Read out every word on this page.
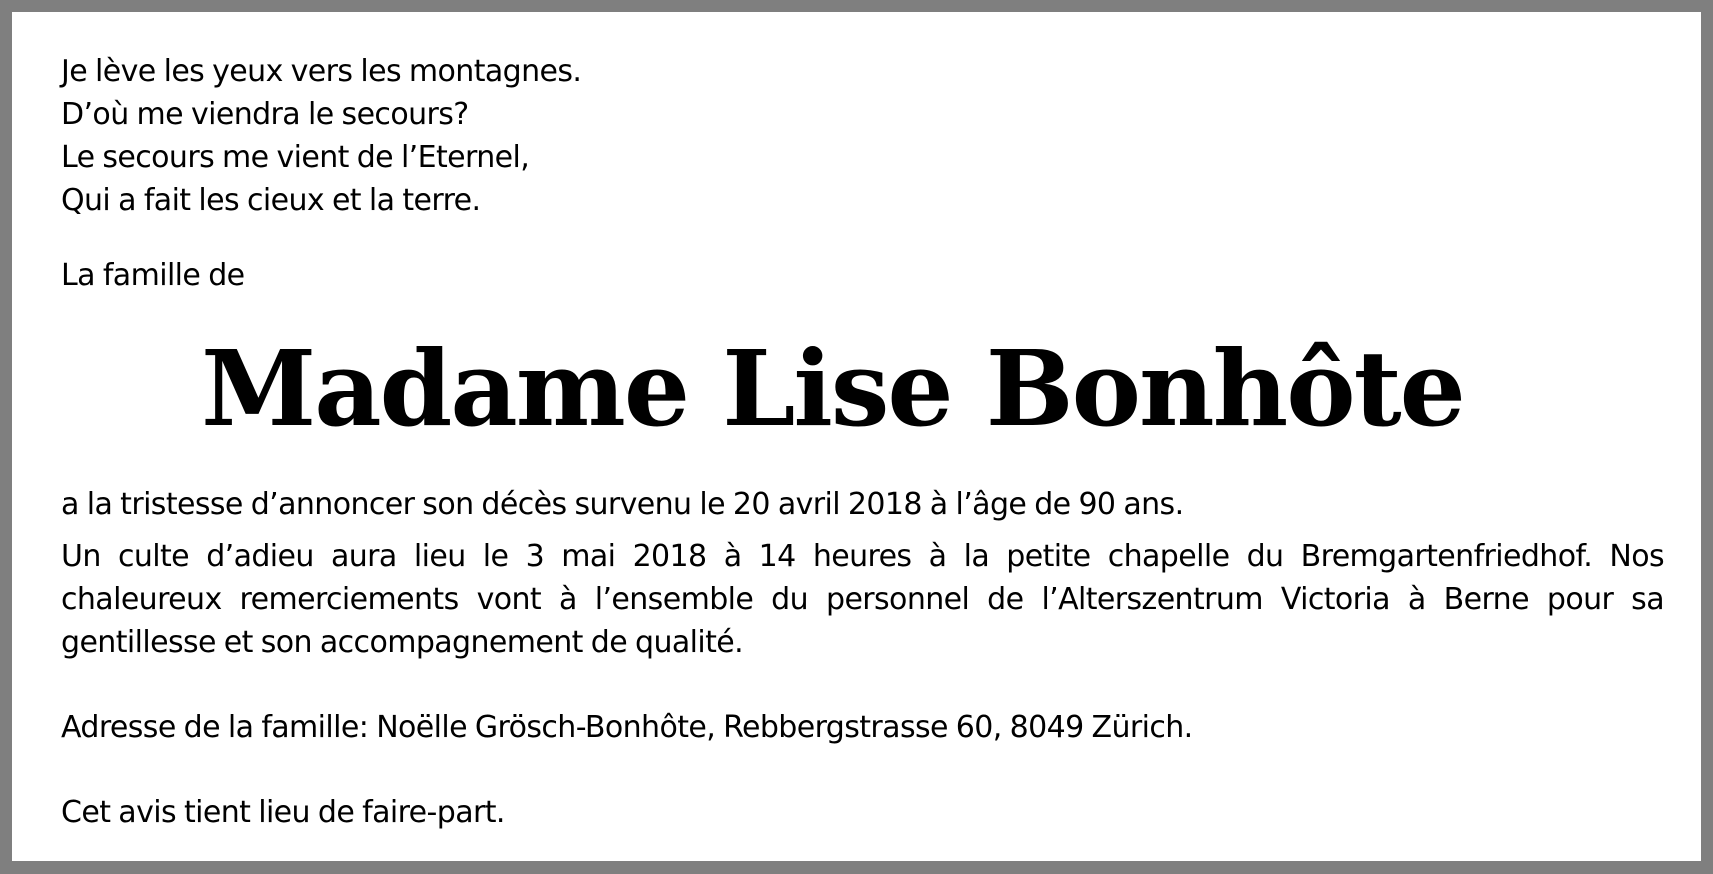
Je lève les yeux vers les montagnes.
D’où me viendra le secours?
Le secours me vient de l’Eternel,
Qui a fait les cieux et la terre.

La famille de

Madame Lise Bonhôte

a la tristesse d’annoncer son décès survenu le 20 avril 2018 à l’âge de 90 ans.

Un culte d’adieu aura lieu le 3 mai 2018 à 14 heures à la petite chapelle du Bremgartenfriedhof. Nos chaleureux remerciements vont à l’ensemble du personnel de l’Alterszentrum Victoria à Berne pour sa gentillesse et son accompagnement de qualité.

Adresse de la famille: Noëlle Grösch-Bonhôte, Rebbergstrasse 60, 8049 Zürich.

Cet avis tient lieu de faire-part.
